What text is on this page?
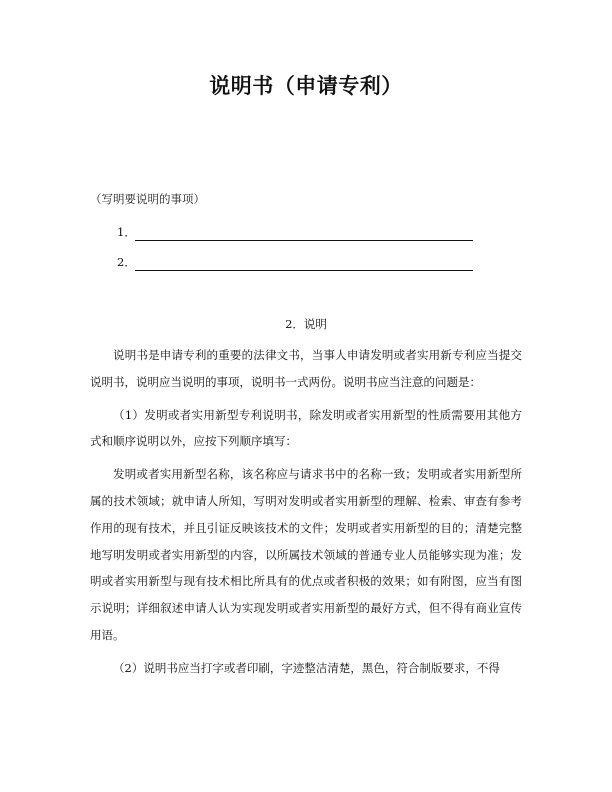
说明书（申请专利）
（写明要说明的事项）
1．
2．
2．说明

说明书是申请专利的重要的法律文书，当事人申请发明或者实用新专利应当提交说明书，说明应当说明的事项，说明书一式两份。说明书应当注意的问题是：

（1）发明或者实用新型专利说明书，除发明或者实用新型的性质需要用其他方式和顺序说明以外，应按下列顺序填写：

发明或者实用新型名称，该名称应与请求书中的名称一致；发明或者实用新型所属的技术领域；就申请人所知，写明对发明或者实用新型的理解、检索、审查有参考作用的现有技术，并且引证反映该技术的文件；发明或者实用新型的目的；清楚完整地写明发明或者实用新型的内容，以所属技术领域的普通专业人员能够实现为准；发明或者实用新型与现有技术相比所具有的优点或者积极的效果；如有附图，应当有图示说明；详细叙述申请人认为实现发明或者实用新型的最好方式，但不得有商业宣传用语。

（2）说明书应当打字或者印刷，字迹整洁清楚，黑色，符合制版要求，不得
